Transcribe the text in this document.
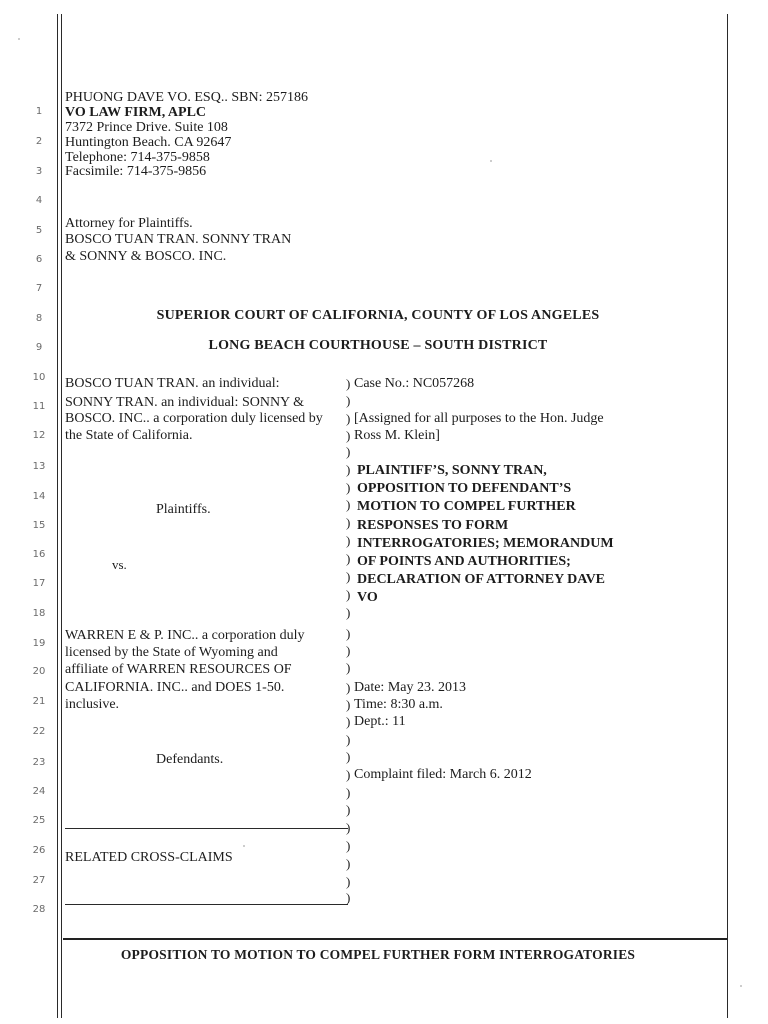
1
2
3
4
5
6
7
8
9
10
11
12
13
14
15
16
17
18
19
20
21
22
23
24
25
26
27
28
PHUONG DAVE VO. ESQ.. SBN: 257186
VO LAW FIRM, APLC
7372 Prince Drive. Suite 108
Huntington Beach. CA 92647
Telephone: 714-375-9858
Facsimile: 714-375-9856
Attorney for Plaintiffs.
BOSCO TUAN TRAN. SONNY TRAN
& SONNY & BOSCO. INC.
SUPERIOR COURT OF CALIFORNIA, COUNTY OF LOS ANGELES
LONG BEACH COURTHOUSE – SOUTH DISTRICT
BOSCO TUAN TRAN. an individual:
SONNY TRAN. an individual: SONNY &
BOSCO. INC.. a corporation duly licensed by
the State of California.
Plaintiffs.
vs.
WARREN E & P. INC.. a corporation duly
licensed by the State of Wyoming and
affiliate of WARREN RESOURCES OF
CALIFORNIA. INC.. and DOES 1-50.
inclusive.
Defendants.
RELATED CROSS-CLAIMS
)
)
)
)
)
)
)
)
)
)
)
)
)
)
)
)
)
)
)
)
)
)
)
)
)
)
)
)
)
)
Case No.: NC057268
[Assigned for all purposes to the Hon. Judge
Ross M. Klein]
PLAINTIFF’S, SONNY TRAN,
OPPOSITION TO DEFENDANT’S
MOTION TO COMPEL FURTHER
RESPONSES TO FORM
INTERROGATORIES; MEMORANDUM
OF POINTS AND AUTHORITIES;
DECLARATION OF ATTORNEY DAVE
VO
Date: May 23. 2013
Time: 8:30 a.m.
Dept.: 11
Complaint filed: March 6. 2012
OPPOSITION TO MOTION TO COMPEL FURTHER FORM INTERROGATORIES
